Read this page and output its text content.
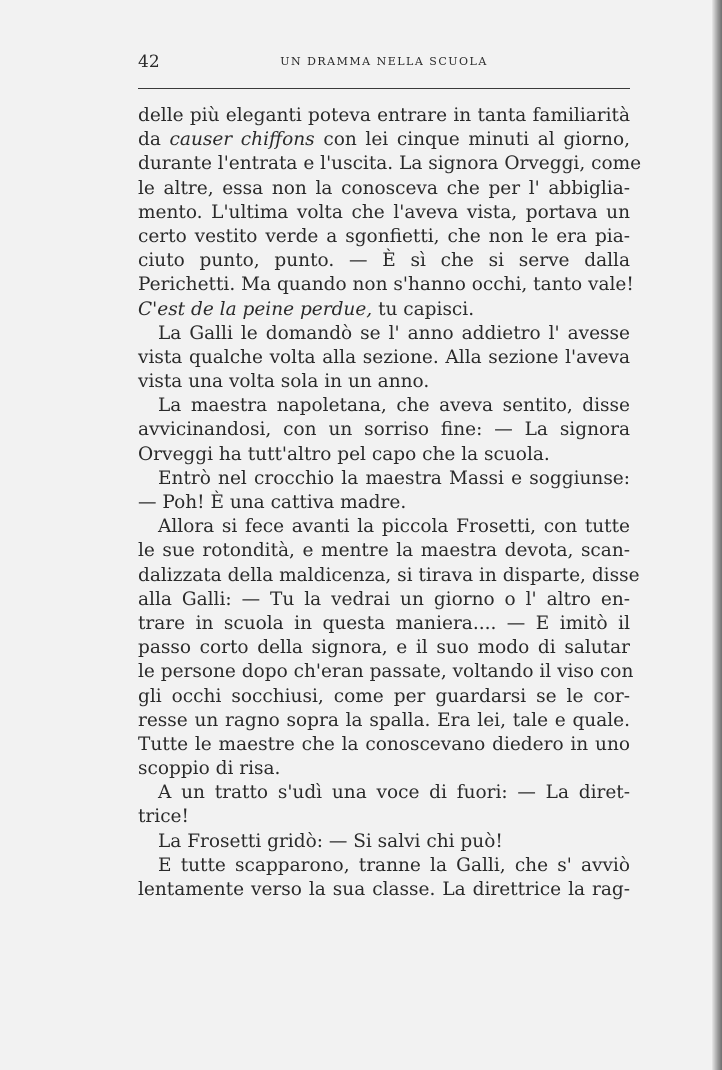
42	UN DRAMMA NELLA SCUOLA
delle più eleganti poteva entrare in tanta familiarità
da causer chiffons con lei cinque minuti al giorno,
durante l'entrata e l'uscita. La signora Orveggi, come
le altre, essa non la conosceva che per l' abbiglia-
mento. L'ultima volta che l'aveva vista, portava un
certo vestito verde a sgonfietti, che non le era pia-
ciuto punto, punto. — È sì che si serve dalla
Perichetti. Ma quando non s'hanno occhi, tanto vale!
C'est de la peine perdue, tu capisci.
La Galli le domandò se l' anno addietro l' avesse
vista qualche volta alla sezione. Alla sezione l'aveva
vista una volta sola in un anno.
La maestra napoletana, che aveva sentito, disse
avvicinandosi, con un sorriso fine: — La signora
Orveggi ha tutt'altro pel capo che la scuola.
Entrò nel crocchio la maestra Massi e soggiunse:
— Poh! È una cattiva madre.
Allora si fece avanti la piccola Frosetti, con tutte
le sue rotondità, e mentre la maestra devota, scan-
dalizzata della maldicenza, si tirava in disparte, disse
alla Galli: — Tu la vedrai un giorno o l' altro en-
trare in scuola in questa maniera.... — E imitò il
passo corto della signora, e il suo modo di salutar
le persone dopo ch'eran passate, voltando il viso con
gli occhi socchiusi, come per guardarsi se le cor-
resse un ragno sopra la spalla. Era lei, tale e quale.
Tutte le maestre che la conoscevano diedero in uno
scoppio di risa.
A un tratto s'udì una voce di fuori: — La diret-
trice!
La Frosetti gridò: — Si salvi chi può!
E tutte scapparono, tranne la Galli, che s' avviò
lentamente verso la sua classe. La direttrice la rag-
